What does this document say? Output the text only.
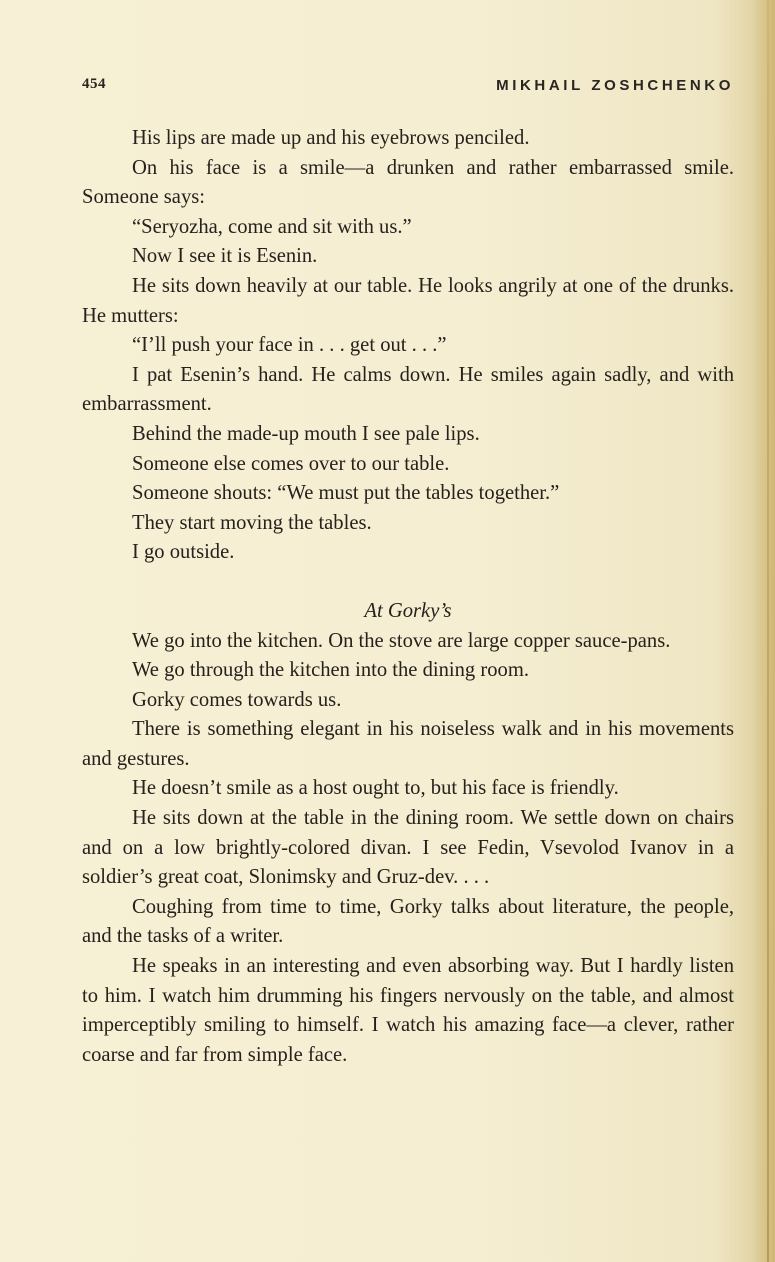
454	MIKHAIL ZOSHCHENKO

His lips are made up and his eyebrows penciled.

On his face is a smile—a drunken and rather embarrassed smile. Someone says:

“Seryozha, come and sit with us.”

Now I see it is Esenin.

He sits down heavily at our table. He looks angrily at one of the drunks. He mutters:

“I’ll push your face in . . . get out . . .”

I pat Esenin’s hand. He calms down. He smiles again sadly, and with embarrassment.

Behind the made-up mouth I see pale lips.

Someone else comes over to our table.

Someone shouts: “We must put the tables together.”

They start moving the tables.

I go outside.

At Gorky’s

We go into the kitchen. On the stove are large copper sauce-pans.

We go through the kitchen into the dining room.

Gorky comes towards us.

There is something elegant in his noiseless walk and in his movements and gestures.

He doesn’t smile as a host ought to, but his face is friendly.

He sits down at the table in the dining room. We settle down on chairs and on a low brightly-colored divan. I see Fedin, Vsevolod Ivanov in a soldier’s great coat, Slonimsky and Gruz-dev. . . .

Coughing from time to time, Gorky talks about literature, the people, and the tasks of a writer.

He speaks in an interesting and even absorbing way. But I hardly listen to him. I watch him drumming his fingers nervously on the table, and almost imperceptibly smiling to himself. I watch his amazing face—a clever, rather coarse and far from simple face.
